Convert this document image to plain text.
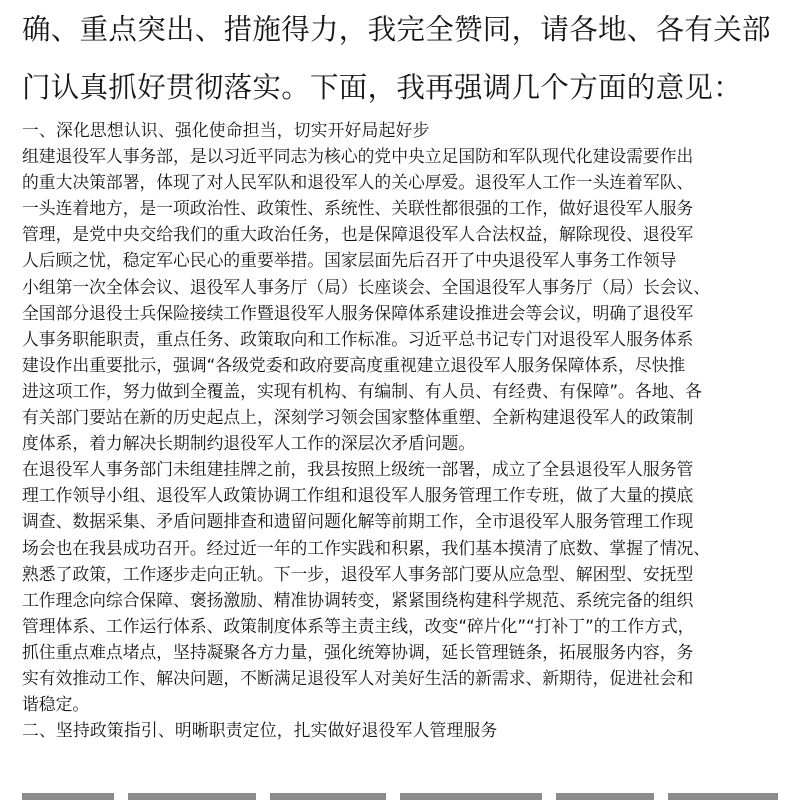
确、重点突出、措施得力，我完全赞同，请各地、各有关部
门认真抓好贯彻落实。下面，我再强调几个方面的意见：
一、深化思想认识、强化使命担当，切实开好局起好步
组建退役军人事务部，是以习近平同志为核心的党中央立足国防和军队现代化建设需要作出
的重大决策部署，体现了对人民军队和退役军人的关心厚爱。退役军人工作一头连着军队、
一头连着地方，是一项政治性、政策性、系统性、关联性都很强的工作，做好退役军人服务
管理，是党中央交给我们的重大政治任务，也是保障退役军人合法权益，解除现役、退役军
人后顾之忧，稳定军心民心的重要举措。国家层面先后召开了中央退役军人事务工作领导
小组第一次全体会议、退役军人事务厅（局）长座谈会、全国退役军人事务厅（局）长会议、
全国部分退役士兵保险接续工作暨退役军人服务保障体系建设推进会等会议，明确了退役军
人事务职能职责，重点任务、政策取向和工作标准。习近平总书记专门对退役军人服务体系
建设作出重要批示，强调“各级党委和政府要高度重视建立退役军人服务保障体系，尽快推
进这项工作，努力做到全覆盖，实现有机构、有编制、有人员、有经费、有保障”。各地、各
有关部门要站在新的历史起点上，深刻学习领会国家整体重塑、全新构建退役军人的政策制
度体系，着力解决长期制约退役军人工作的深层次矛盾问题。
在退役军人事务部门未组建挂牌之前，我县按照上级统一部署，成立了全县退役军人服务管
理工作领导小组、退役军人政策协调工作组和退役军人服务管理工作专班，做了大量的摸底
调查、数据采集、矛盾问题排查和遗留问题化解等前期工作，全市退役军人服务管理工作现
场会也在我县成功召开。经过近一年的工作实践和积累，我们基本摸清了底数、掌握了情况、
熟悉了政策，工作逐步走向正轨。下一步，退役军人事务部门要从应急型、解困型、安抚型
工作理念向综合保障、褒扬激励、精准协调转变，紧紧围绕构建科学规范、系统完备的组织
管理体系、工作运行体系、政策制度体系等主责主线，改变“碎片化”“打补丁”的工作方式，
抓住重点难点堵点，坚持凝聚各方力量，强化统筹协调，延长管理链条，拓展服务内容，务
实有效推动工作、解决问题，不断满足退役军人对美好生活的新需求、新期待，促进社会和
谐稳定。
二、坚持政策指引、明晰职责定位，扎实做好退役军人管理服务
